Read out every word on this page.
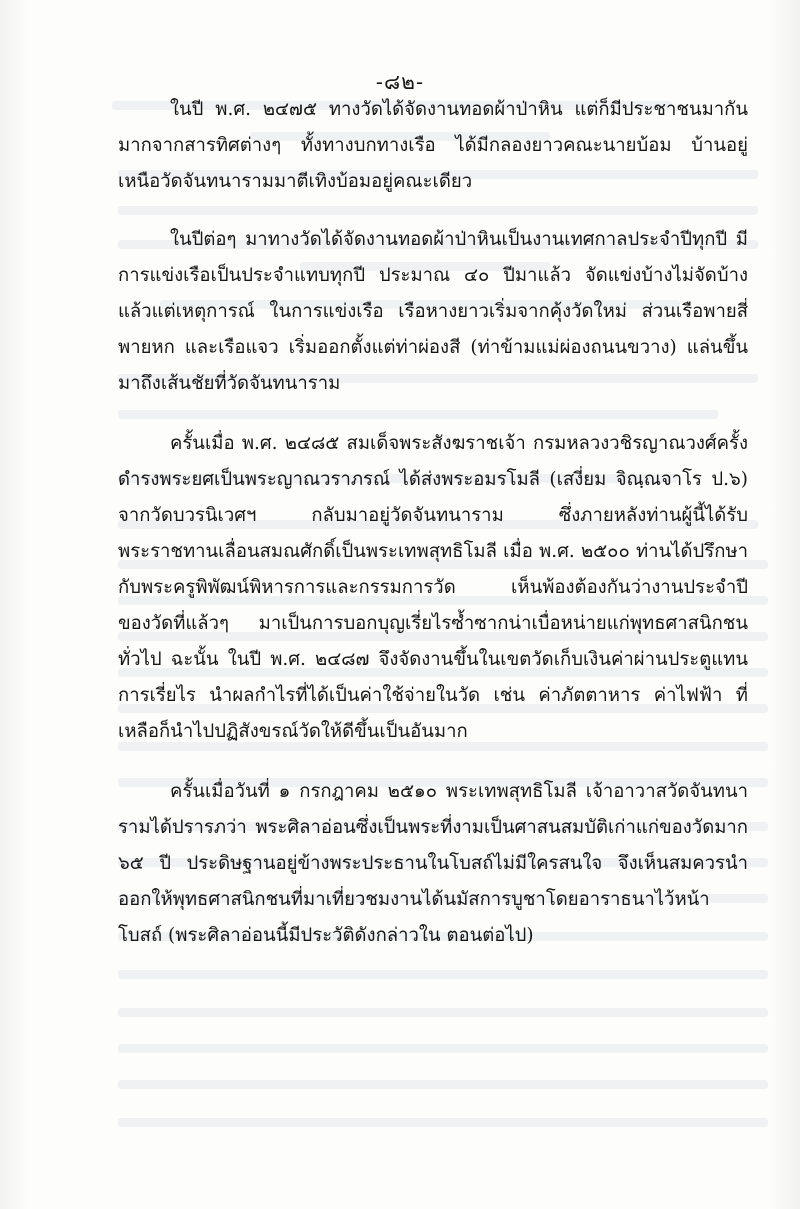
-๘๒-

ในปี พ.ศ. ๒๔๗๕ ทางวัดได้จัดงานทอดผ้าป่าหิน แต่ก็มีประชาชนมากันมากจากสารทิศต่างๆ ทั้งทางบกทางเรือ ได้มีกลองยาวคณะนายบ้อม บ้านอยู่เหนือวัดจันทนารามมาตีเทิงบ้อมอยู่คณะเดียว

ในปีต่อๆ มาทางวัดได้จัดงานทอดผ้าป่าหินเป็นงานเทศกาลประจำปีทุกปี มีการแข่งเรือเป็นประจำแทบทุกปี ประมาณ ๔๐ ปีมาแล้ว จัดแข่งบ้างไม่จัดบ้างแล้วแต่เหตุการณ์ ในการแข่งเรือ เรือหางยาวเริ่มจากคุ้งวัดใหม่ ส่วนเรือพายสี่พายหก และเรือแจว เริ่มออกตั้งแต่ท่าผ่องสี (ท่าข้ามแม่ผ่องถนนขวาง) แล่นขึ้นมาถึงเส้นชัยที่วัดจันทนาราม

ครั้นเมื่อ พ.ศ. ๒๔๘๕ สมเด็จพระสังฆราชเจ้า กรมหลวงวชิรญาณวงศ์ครั้งดำรงพระยศเป็นพระญาณวราภรณ์ ได้ส่งพระอมรโมลี (เสงี่ยม จิณฺณจาโร ป.๖) จากวัดบวรนิเวศฯ กลับมาอยู่วัดจันทนาราม ซึ่งภายหลังท่านผู้นี้ได้รับพระราชทานเลื่อนสมณศักดิ์เป็นพระเทพสุทธิโมลี เมื่อ พ.ศ. ๒๕๐๐ ท่านได้ปรึกษากับพระครูพิพัฒน์พิหารการและกรรมการวัด เห็นพ้องต้องกันว่างานประจำปีของวัดที่แล้วๆ มาเป็นการบอกบุญเรี่ยไรซ้ำซากน่าเบื่อหน่ายแก่พุทธศาสนิกชนทั่วไป ฉะนั้น ในปี พ.ศ. ๒๔๘๗ จึงจัดงานขึ้นในเขตวัดเก็บเงินค่าผ่านประตูแทนการเรี่ยไร นำผลกำไรที่ได้เป็นค่าใช้จ่ายในวัด เช่น ค่าภัตตาหาร ค่าไฟฟ้า ที่เหลือก็นำไปปฏิสังขรณ์วัดให้ดีขึ้นเป็นอันมาก

ครั้นเมื่อวันที่ ๑ กรกฎาคม ๒๕๑๐ พระเทพสุทธิโมลี เจ้าอาวาสวัดจันทนารามได้ปรารภว่า พระศิลาอ่อนซึ่งเป็นพระที่งามเป็นศาสนสมบัติเก่าแก่ของวัดมาก ๖๕ ปี ประดิษฐานอยู่ข้างพระประธานในโบสถ์ไม่มีใครสนใจ จึงเห็นสมควรนำออกให้พุทธศาสนิกชนที่มาเที่ยวชมงานได้นมัสการบูชาโดยอาราธนาไว้หน้าโบสถ์ (พระศิลาอ่อนนี้มีประวัติดังกล่าวใน ตอนต่อไป)
